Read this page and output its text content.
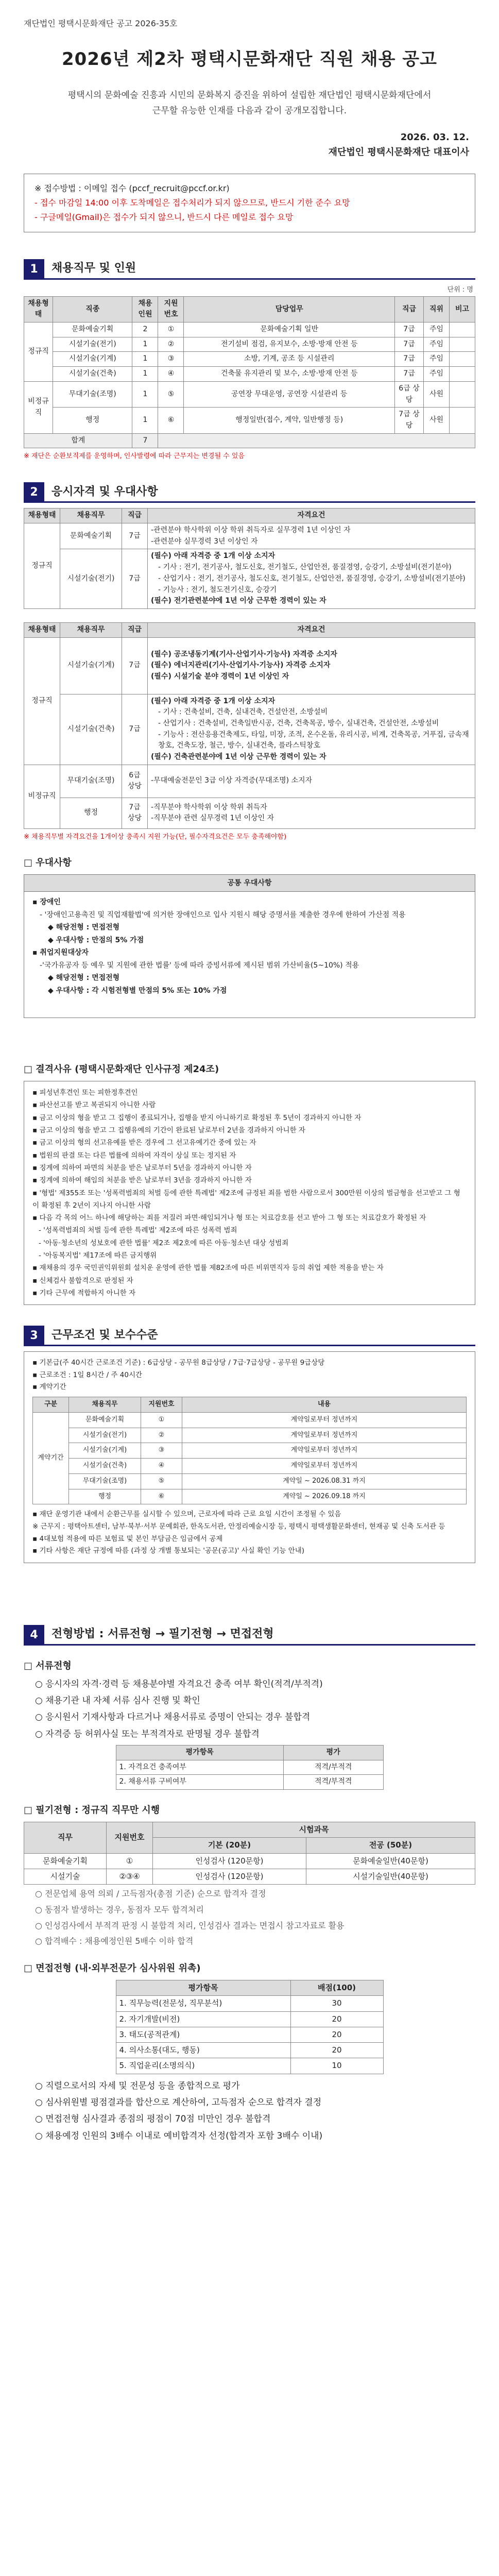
재단법인 평택시문화재단 공고 2026-35호
2026년 제2차 평택시문화재단 직원 채용 공고
평택시의 문화예술 진흥과 시민의 문화복지 증진을 위하여 설립한 재단법인 평택시문화재단에서
근무할 유능한 인재를 다음과 같이 공개모집합니다.
2026. 03. 12.
재단법인 평택시문화재단 대표이사
※ 접수방법 : 이메일 접수 (pccf_recruit@pccf.or.kr)
- 접수 마감일 14:00 이후 도착메일은 접수처리가 되지 않으므로, 반드시 기한 준수 요망
- 구글메일(Gmail)은 접수가 되지 않으니, 반드시 다른 메일로 접수 요망
1	채용직무 및 인원
단위 : 명
채용형태	직종	채용인원	지원번호	담당업무	직급	직위	비고
정규직	문화예술기획	2	①	문화예술기획 일반	7급	주임	
	시설기술(전기)	1	②	전기설비 점검, 유지보수, 소방·방재 안전 등	7급	주임	
	시설기술(기계)	1	③	소방, 기계, 공조 등 시설관리	7급	주임	
	시설기술(건축)	1	④	건축물 유지관리 및 보수, 소방·방재 안전 등	7급	주임	
비정규직	무대기술(조명)	1	⑤	공연장 무대운영, 공연장 시설관리 등	6급 상당	사원	
	행정	1	⑥	행정일반(접수, 계약, 일반행정 등)	7급 상당	사원	
합계		7					
※ 재단은 순환보직제를 운영하며, 인사발령에 따라 근무지는 변경될 수 있음
2	응시자격 및 우대사항
채용형태	채용직무	직급	자격요건
정규직	문화예술기획	7급	-관련분야 학사학위 이상 학위 취득자로 실무경력 1년 이상인 자
-관련분야 실무경력 3년 이상인 자

	시설기술(전기)	7급	(필수) 아래 자격증 중 1개 이상 소지자
- 기사 : 전기, 전기공사, 철도신호, 전기철도, 산업안전, 품질경영, 승강기, 소방설비(전기분야)
- 산업기사 : 전기, 전기공사, 철도신호, 전기철도, 산업안전, 품질경영, 승강기, 소방설비(전기분야)
- 기능사 : 전기, 철도전기신호, 승강기
(필수) 전기관련분야에 1년 이상 근무한 경력이 있는 자
채용형태	채용직무	직급	자격요건
정규직	시설기술(기계)	7급	(필수) 공조냉동기계(기사·산업기사·기능사) 자격증 소지자
(필수) 에너지관리(기사·산업기사·기능사) 자격증 소지자
(필수) 시설기술 분야 경력이 1년 이상인 자

	시설기술(건축)	7급	(필수) 아래 자격증 중 1개 이상 소지자
- 기사 : 건축설비, 건축, 실내건축, 건설안전, 소방설비
- 산업기사 : 건축설비, 건축일반시공, 건축, 건축목공, 방수, 실내건축, 건설안전, 소방설비
- 기능사 : 전산응용건축제도, 타일, 미장, 조적, 온수온돌, 유리시공, 비계, 건축목공, 거푸집, 금속재창호, 건축도장, 철근, 방수, 실내건축, 플라스틱창호
(필수) 건축관련분야에 1년 이상 근무한 경력이 있는 자

비정규직	무대기술(조명)	6급 상당	-무대예술전문인 3급 이상 자격증(무대조명) 소지자

	행정	7급 상당	-직무분야 학사학위 이상 학위 취득자
-직무분야 관련 실무경력 1년 이상인 자
※ 채용직무별 자격요건을 1개이상 충족시 지원 가능(단, 필수자격요건은 모두 충족해야함)
□ 우대사항
공통 우대사항
▪ 장애인
- '장애인고용촉진 및 직업재활법'에 의거한 장애인으로 입사 지원시 해당 증명서를 제출한 경우에 한하여 가산점 적용
◆ 해당전형 : 면접전형
◆ 우대사항 : 만점의 5% 가점
▪ 취업지원대상자
-'국가유공자 등 예우 및 지원에 관한 법률' 등에 따라 증빙서류에 제시된 범위 가산비율(5~10%) 적용
◆ 해당전형 : 면접전형
◆ 우대사항 : 각 시험전형별 만점의 5% 또는 10% 가점
□ 결격사유 (평택시문화재단 인사규정 제24조)
▪ 피성년후견인 또는 피한정후견인
▪ 파산선고를 받고 복권되지 아니한 사람
▪ 금고 이상의 형을 받고 그 집행이 종료되거나, 집행을 받지 아니하기로 확정된 후 5년이 경과하지 아니한 자
▪ 금고 이상의 형을 받고 그 집행유예의 기간이 완료된 날로부터 2년을 경과하지 아니한 자
▪ 금고 이상의 형의 선고유예를 받은 경우에 그 선고유예기간 중에 있는 자
▪ 법원의 판결 또는 다른 법률에 의하여 자격이 상실 또는 정지된 자
▪ 징계에 의하여 파면의 처분을 받은 날로부터 5년을 경과하지 아니한 자
▪ 징계에 의하여 해임의 처분을 받은 날로부터 3년을 경과하지 아니한 자
▪ '형법' 제355조 또는 '성폭력범죄의 처벌 등에 관한 특례법' 제2조에 규정된 죄를 범한 사람으로서 300만원 이상의 벌금형을 선고받고 그 형이 확정된 후 2년이 지나지 아니한 사람
▪ 다음 각 목의 어느 하나에 해당하는 죄를 저질러 파면·해임되거나 형 또는 치료감호를 선고 받아 그 형 또는 치료감호가 확정된 자
- '성폭력범죄의 처벌 등에 관한 특례법' 제2조에 따른 성폭력 범죄
- '아동·청소년의 성보호에 관한 법률' 제2조 제2호에 따른 아동·청소년 대상 성범죄
- '아동복지법' 제17조에 따른 금지행위
▪ 재채용의 경우 국민권익위원회 설치운 운영에 관한 법률 제82조에 따른 비위면직자 등의 취업 제한 적용을 받는 자
▪ 신체검사 불합격으로 판정된 자
▪ 기타 근무에 적합하지 아니한 자
3	근무조건 및 보수수준
▪ 기본급(주 40시간 근로조건 기준) : 6급상당 - 공무원 8급상당 / 7급·7급상당 - 공무원 9급상당
▪ 근로조건 : 1일 8시간 / 주 40시간
▪ 계약기간
구분	채용직무	지원번호	내용
계약기간	문화예술기획	①	계약일로부터 정년까지
	시설기술(전기)	②	계약일로부터 정년까지
	시설기술(기계)	③	계약일로부터 정년까지
	시설기술(건축)	④	계약일로부터 정년까지
	무대기술(조명)	⑤	계약일 ~ 2026.08.31 까지
	행정	⑥	계약일 ~ 2026.09.18 까지
▪ 재단 운영기관 내에서 순환근무를 실시할 수 있으며, 근로자에 따라 근로 요일 시간이 조정될 수 있음
※ 근무지 : 평택아트센터, 남부·북부·서부 문예회관, 한옥도서관, 안정리예술시장 등, 평택시 평택생활문화센터, 현재공 및 신축 도서관 등
▪ 4대보험 적용에 따른 보험료 및 본인 부담금은 임금에서 공제
▪ 기타 사항은 재단 규정에 따름 (과정 상 개별 통보되는 '공문(공고)' 사실 확인 기능 안내)
4	전형방법 : 서류전형 → 필기전형 → 면접전형
□ 서류전형
○ 응시자의 자격·경력 등 채용분야별 자격요건 충족 여부 확인(적격/부적격)
○ 채용기관 내 자체 서류 심사 진행 및 확인
○ 응시원서 기재사항과 다르거나 채용서류로 증명이 안되는 경우 불합격
○ 자격증 등 허위사실 또는 부적격자로 판명될 경우 불합격
평가항목	평가
1. 자격요건 충족여부	적격/부적격
2. 채용서류 구비여부	적격/부적격
□ 필기전형 : 정규직 직무만 시행
직무	지원번호	시험과목	
		기본 (20분)	전공 (50분)
문화예술기획	①	인성검사 (120문항)	문화예술일반(40문항)
시설기술	②③④	인성검사 (120문항)	시설기술일반(40문항)
○ 전문업체 용역 의뢰 / 고득점자(총점 기준) 순으로 합격자 결정
○ 동점자 발생하는 경우, 동점자 모두 합격처리
○ 인성검사에서 부적격 판정 시 불합격 처리, 인성검사 결과는 면접시 참고자료로 활용
○ 합격배수 : 채용예정인원 5배수 이하 합격
□ 면접전형 (내·외부전문가 심사위원 위촉)
평가항목	배점(100)
1. 직무능력(전문성, 직무분석)	30
2. 자기개발(비전)	20
3. 태도(공적관계)	20
4. 의사소통(대도, 행동)	20
5. 직업윤리(소명의식)	10
○ 직렬으로서의 자세 및 전문성 등을 종합적으로 평가
○ 심사위원별 평점결과를 합산으로 계산하여, 고득점자 순으로 합격자 결정
○ 면접전형 심사결과 종점의 평점이 70점 미만인 경우 불합격
○ 채용예정 인원의 3배수 이내로 예비합격자 선정(합격자 포함 3배수 이내)
